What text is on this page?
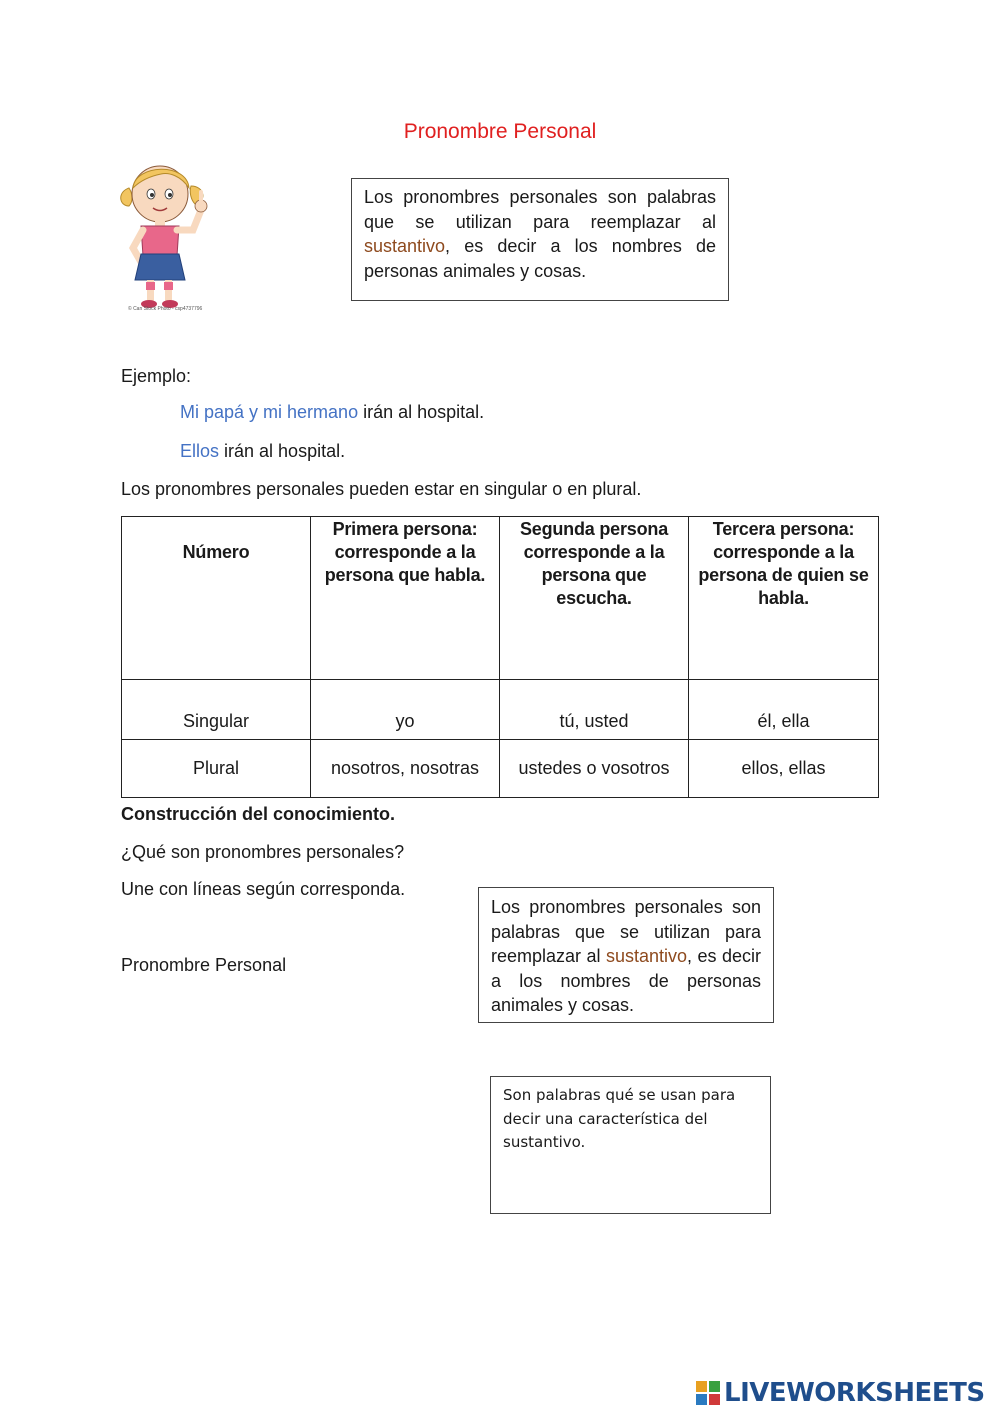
Pronombre Personal
© Can Stock Photo - csp4737796
Los pronombres personales son palabras que se utilizan para reemplazar al sustantivo, es decir a los nombres de personas animales y cosas.
Ejemplo:
Mi papá y mi hermano irán al hospital.
Ellos irán al hospital.
Los pronombres personales pueden estar en singular o en plural.
Número	Primera persona: corresponde a la persona que habla.	Segunda persona corresponde a la persona que escucha.	Tercera persona: corresponde a la persona de quien se habla.
Singular	yo	tú, usted	él, ella
Plural	nosotros, nosotras	ustedes o vosotros	ellos, ellas
Construcción del conocimiento.
¿Qué son pronombres personales?
Une con líneas según corresponda.
Pronombre Personal
Los pronombres personales son palabras que se utilizan para reemplazar al sustantivo, es decir a los nombres de personas animales y cosas.
Son palabras qué se usan para decir una característica del sustantivo.
LIVEWORKSHEETS
